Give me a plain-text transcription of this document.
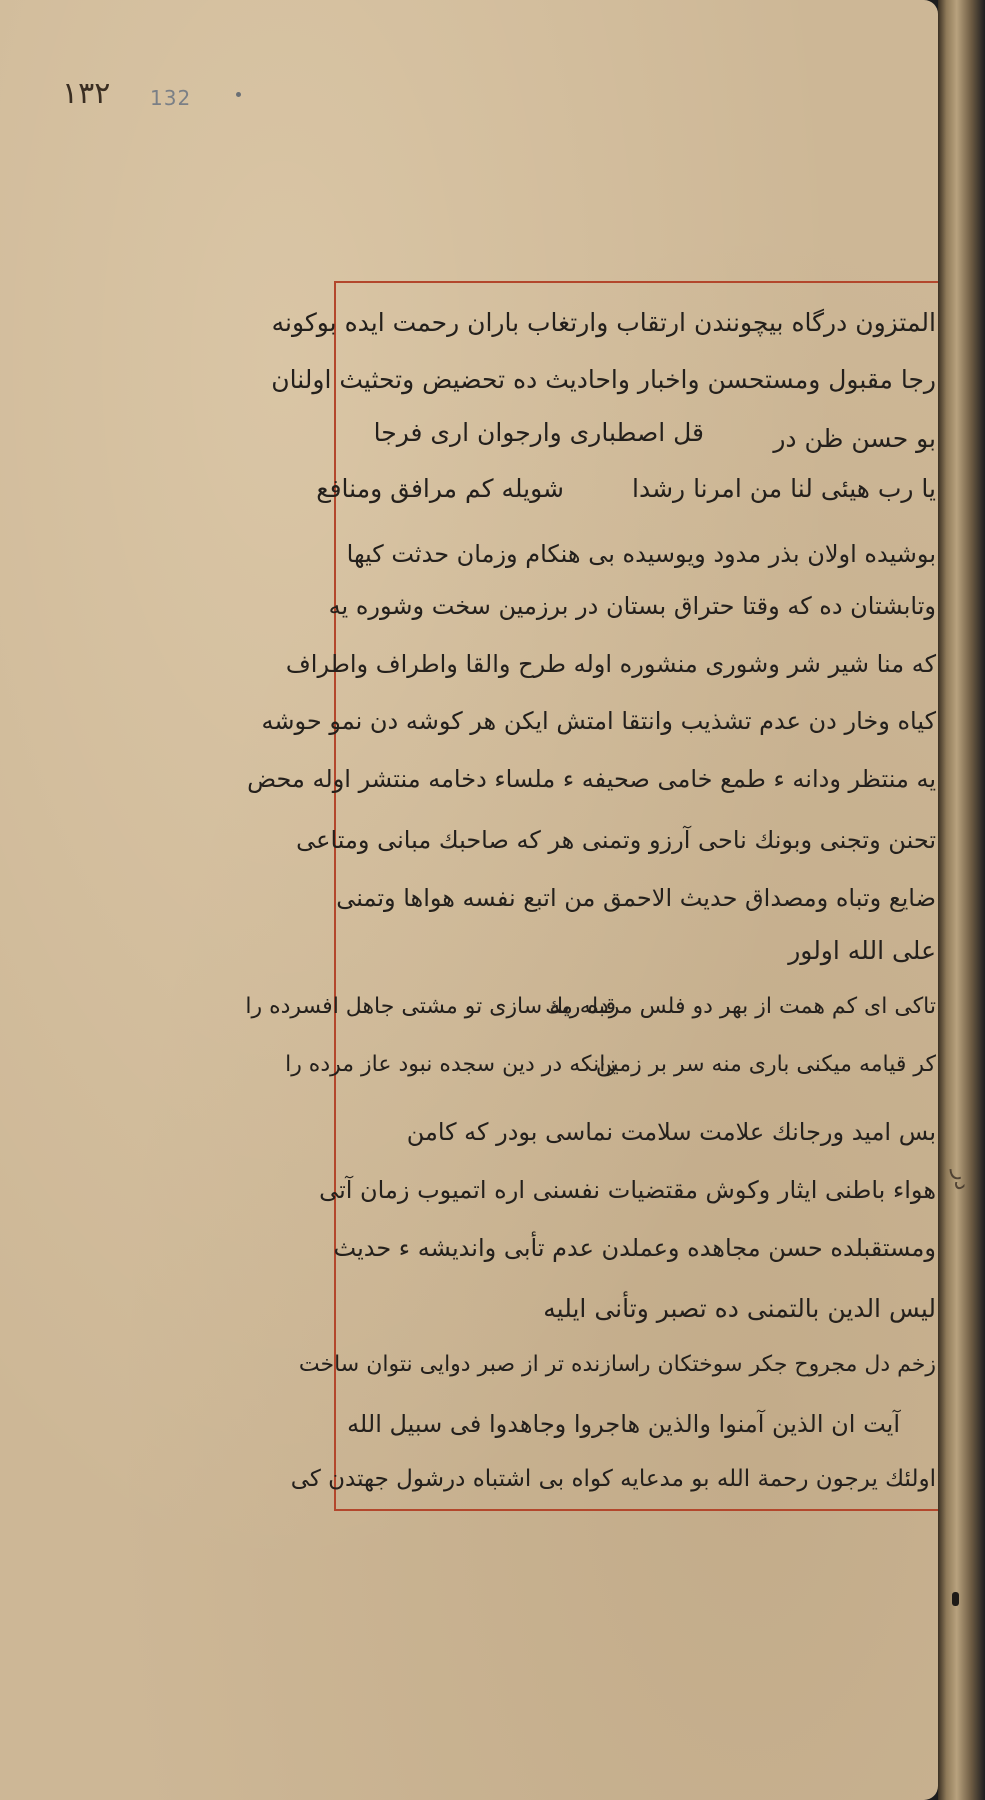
١٣٢ 132
المتزون درگاه بیچونندن ارتقاب وارتغاب باران رحمت ایده بوکونه
رجا مقبول ومستحسن واخبار واحادیث ده تحضیض وتحثیث اولنان
بو حسن ظن در
قل اصطباری وارجوان اری فرجا
یا رب هیئی لنا من امرنا رشدا
شویله کم مرافق ومنافع
بوشیده اولان بذر مدود ویوسیده بی هنکام وزمان حدثت کیها
وتابشتان ده که وقتا حتراق بستان در برزمین سخت وشوره یه
که منا شیر شر وشوری منشوره اوله طرح والقا واطراف واطراف
کیاه وخار دن عدم تشذیب وانتقا امتش ایکن هر کوشه دن نمو حوشه
یه منتظر ودانه ء طمع خامی صحیفه ء ملساء دخامه منتشر اوله محض
تحنن وتجنی وبونك ناحی آرزو وتمنی هر که صاحبك مبانی ومتاعی
ضایع وتباه ومصداق حدیث الاحمق من اتبع نفسه هواها وتمنی
علی الله اولور
تاکی ای کم همت از بهر دو فلس مرده ریك
قبله مه سازی تو مشتی جاهل افسرده را
کر قیامه میکنی باری منه سر بر زمین
زانکه در دین سجده نبود عاز مرده را
بس امید ورجانك علامت سلامت نماسی بودر که کامن
هواء باطنی ایثار وکوش مقتضیات نفسنی اره اتمیوب زمان آتی
ومستقبلده حسن مجاهده وعملدن عدم تأبی واندیشه ء حدیث
لیس الدین بالتمنی ده تصبر وتأنی ایلیه
زخم دل مجروح جکر سوختکان را
سازنده تر از صبر دوایی نتوان ساخت
آیت ان الذین آمنوا والذین هاجروا وجاهدوا فی سبیل الله
اولئك یرجون رحمة الله بو مدعایه کواه بی اشتباه درشول جهتدن کی
در
